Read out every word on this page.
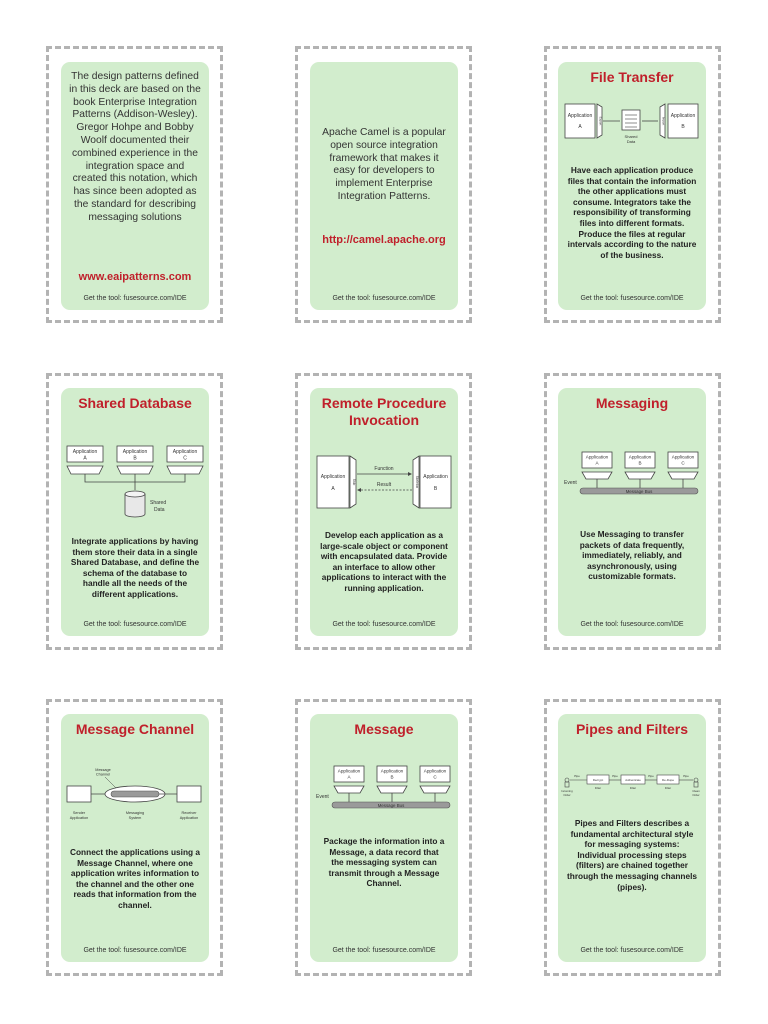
The design patterns defined in this deck are based on the book Enterprise Integration Patterns (Addison-Wesley). Gregor Hohpe and Bobby Woolf documented their combined experience in the integration space and created this notation, which has since been adopted as the standard for describing messaging solutions
www.eaipatterns.com
Get the tool: fusesource.com/IDE
Apache Camel is a popular open source integration framework that makes it easy for developers to implement Enterprise Integration Patterns.
http://camel.apache.org
Get the tool: fusesource.com/IDE
File Transfer
Application
A
Export
Shared
Data
Import
Application
B
Have each application produce files that contain the information the other applications must consume. Integrators take the responsibility of transforming files into different formats. Produce the files at regular intervals according to the nature of the business.
Get the tool: fusesource.com/IDE
Shared Database
Application
A
Application
B
Application
C
Shared
Data
Integrate applications by having them store their data in a single Shared Database, and define the schema of the database to handle all the needs of the different applications.
Get the tool: fusesource.com/IDE
Remote Procedure Invocation
Application
A
Stub
Function
Result	Skeleton Application
B
Develop each application as a large-scale object or component with encapsulated data. Provide an interface to allow other applications to interact with the running application.
Get the tool: fusesource.com/IDE
Messaging
Application
A
Application
B
Application
C
Event
Message Bus
Use Messaging to transfer packets of data frequently, immediately, reliably, and asynchronously, using customizable formats.
Get the tool: fusesource.com/IDE
Message Channel
Message
Channel
Sender
Application
Messaging
System
Receiver
Application
Connect the applications using a Message Channel, where one application writes information to the channel and the other one reads that information from the channel.
Get the tool: fusesource.com/IDE
Message
Application
A
Application
B
Application
C
Event
Message Bus
Package the information into a Message, a data record that the messaging system can transmit through a Message Channel.
Get the tool: fusesource.com/IDE
Pipes and Filters
Incoming
Order
Pipe
Decrypt
Filter
Pipe
Authenticate
Filter
Pipe
De-Dupe
Filter
Pipe
Clean
Order
Pipes and Filters describes a fundamental architectural style for messaging systems: Individual processing steps (filters) are chained together through the messaging channels (pipes).
Get the tool: fusesource.com/IDE
